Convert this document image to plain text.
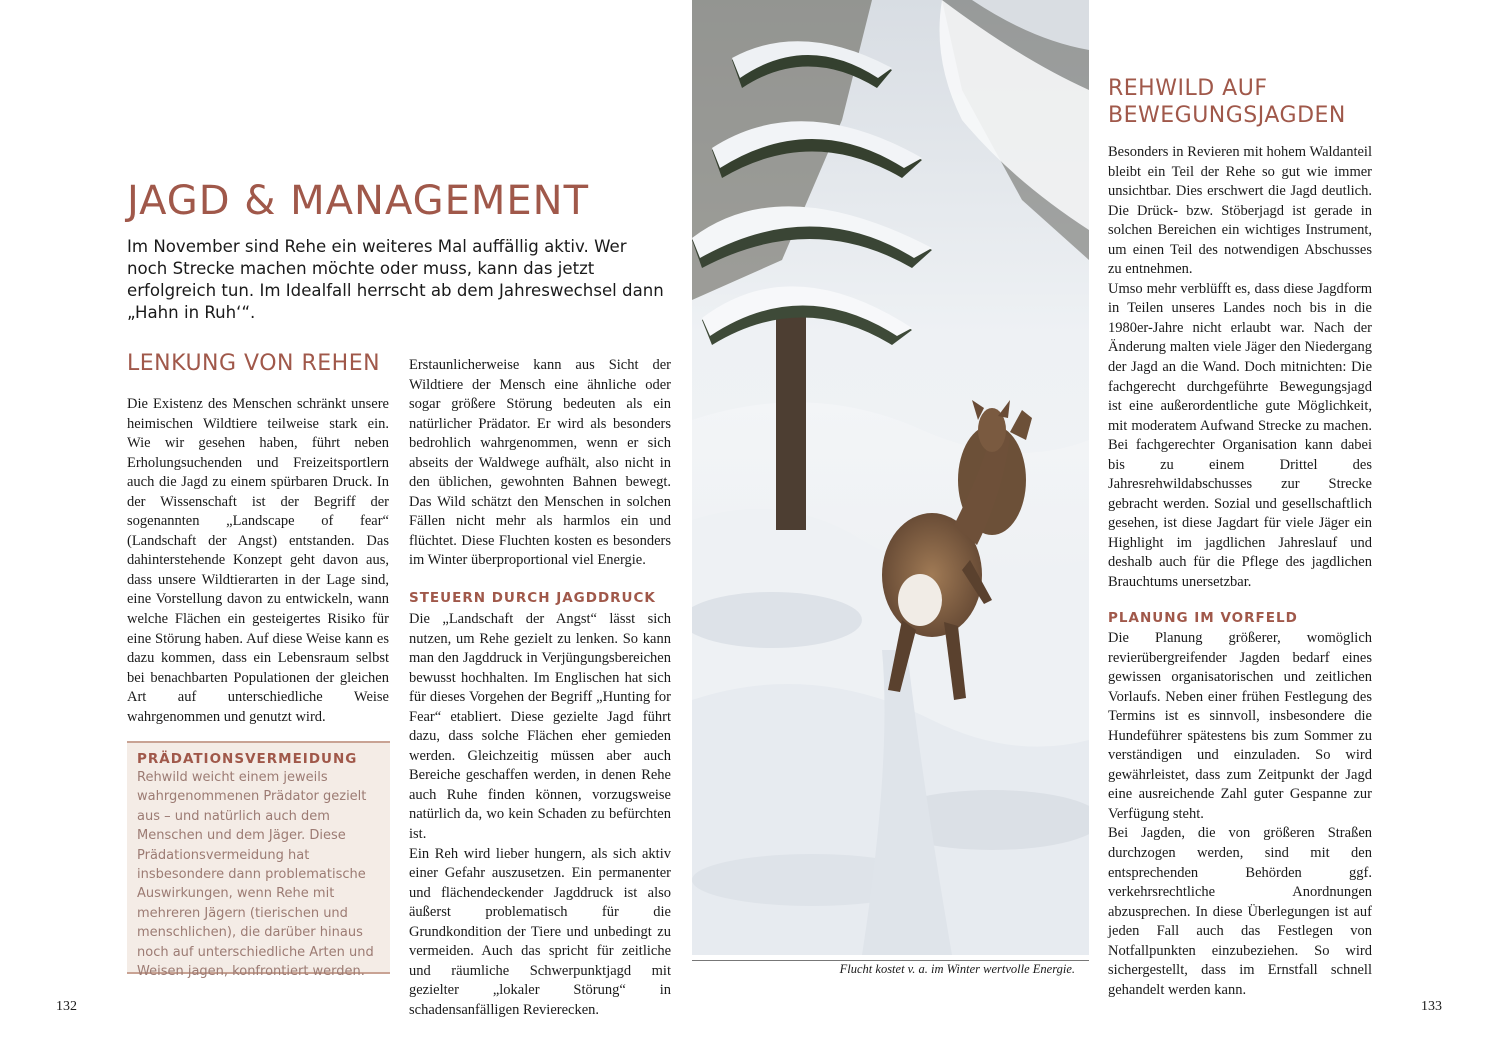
JAGD & MANAGEMENT

Im November sind Rehe ein weiteres Mal auffällig aktiv. Wer noch Strecke machen möchte oder muss, kann das jetzt erfolgreich tun. Im Idealfall herrscht ab dem Jahreswechsel dann „Hahn in Ruh‘“.

LENKUNG VON REHEN

Die Existenz des Menschen schränkt unsere heimischen Wildtiere teilweise stark ein. Wie wir gesehen haben, führt neben Erholungsuchenden und Freizeitsportlern auch die Jagd zu einem spürbaren Druck. In der Wissenschaft ist der Begriff der sogenannten „Landscape of fear“ (Landschaft der Angst) entstanden. Das dahinterstehende Konzept geht davon aus, dass unsere Wildtierarten in der Lage sind, eine Vorstellung davon zu entwickeln, wann welche Flächen ein gesteigertes Risiko für eine Störung haben. Auf diese Weise kann es dazu kommen, dass ein Lebensraum selbst bei benachbarten Populationen der gleichen Art auf unterschiedliche Weise wahrgenommen und genutzt wird.

PRÄDATIONSVERMEIDUNG

Rehwild weicht einem jeweils wahrgenommenen Prädator gezielt aus – und natürlich auch dem Menschen und dem Jäger. Diese Prädationsvermeidung hat insbesondere dann problematische Auswirkungen, wenn Rehe mit mehreren Jägern (tierischen und menschlichen), die darüber hinaus noch auf unterschiedliche Arten und Weisen jagen, konfrontiert werden.

Erstaunlicherweise kann aus Sicht der Wildtiere der Mensch eine ähnliche oder sogar größere Störung bedeuten als ein natürlicher Prädator. Er wird als besonders bedrohlich wahrgenommen, wenn er sich abseits der Waldwege aufhält, also nicht in den üblichen, gewohnten Bahnen bewegt. Das Wild schätzt den Menschen in solchen Fällen nicht mehr als harmlos ein und flüchtet. Diese Fluchten kosten es besonders im Winter überproportional viel Energie.

STEUERN DURCH JAGDDRUCK

Die „Landschaft der Angst“ lässt sich nutzen, um Rehe gezielt zu lenken. So kann man den Jagddruck in Verjüngungsbereichen bewusst hochhalten. Im Englischen hat sich für dieses Vorgehen der Begriff „Hunting for Fear“ etabliert. Diese gezielte Jagd führt dazu, dass solche Flächen eher gemieden werden. Gleichzeitig müssen aber auch Bereiche geschaffen werden, in denen Rehe auch Ruhe finden können, vorzugsweise natürlich da, wo kein Schaden zu befürchten ist.

Ein Reh wird lieber hungern, als sich aktiv einer Gefahr auszusetzen. Ein permanenter und flächendeckender Jagddruck ist also äußerst problematisch für die Grundkondition der Tiere und unbedingt zu vermeiden. Auch das spricht für zeitliche und räumliche Schwerpunktjagd mit gezielter „lokaler Störung“ in schadensanfälligen Revierecken.

132
Flucht kostet v. a. im Winter wertvolle Energie.
REHWILD AUF BEWEGUNGSJAGDEN

Besonders in Revieren mit hohem Waldanteil bleibt ein Teil der Rehe so gut wie immer unsichtbar. Dies erschwert die Jagd deutlich. Die Drück- bzw. Stöberjagd ist gerade in solchen Bereichen ein wichtiges Instrument, um einen Teil des notwendigen Abschusses zu entnehmen.

Umso mehr verblüfft es, dass diese Jagdform in Teilen unseres Landes noch bis in die 1980er-Jahre nicht erlaubt war. Nach der Änderung malten viele Jäger den Niedergang der Jagd an die Wand. Doch mitnichten: Die fachgerecht durchgeführte Bewegungsjagd ist eine außerordentliche gute Möglichkeit, mit moderatem Aufwand Strecke zu machen. Bei fachgerechter Organisation kann dabei bis zu einem Drittel des Jahresrehwildabschusses zur Strecke gebracht werden. Sozial und gesellschaftlich gesehen, ist diese Jagdart für viele Jäger ein Highlight im jagdlichen Jahreslauf und deshalb auch für die Pflege des jagdlichen Brauchtums unersetzbar.

PLANUNG IM VORFELD

Die Planung größerer, womöglich revierübergreifender Jagden bedarf eines gewissen organisatorischen und zeitlichen Vorlaufs. Neben einer frühen Festlegung des Termins ist es sinnvoll, insbesondere die Hundeführer spätestens bis zum Sommer zu verständigen und einzuladen. So wird gewährleistet, dass zum Zeitpunkt der Jagd eine ausreichende Zahl guter Gespanne zur Verfügung steht.

Bei Jagden, die von größeren Straßen durchzogen werden, sind mit den entsprechenden Behörden ggf. verkehrsrechtliche Anordnungen abzusprechen. In diese Überlegungen ist auf jeden Fall auch das Festlegen von Notfallpunkten einzubeziehen. So wird sichergestellt, dass im Ernstfall schnell gehandelt werden kann.

133
